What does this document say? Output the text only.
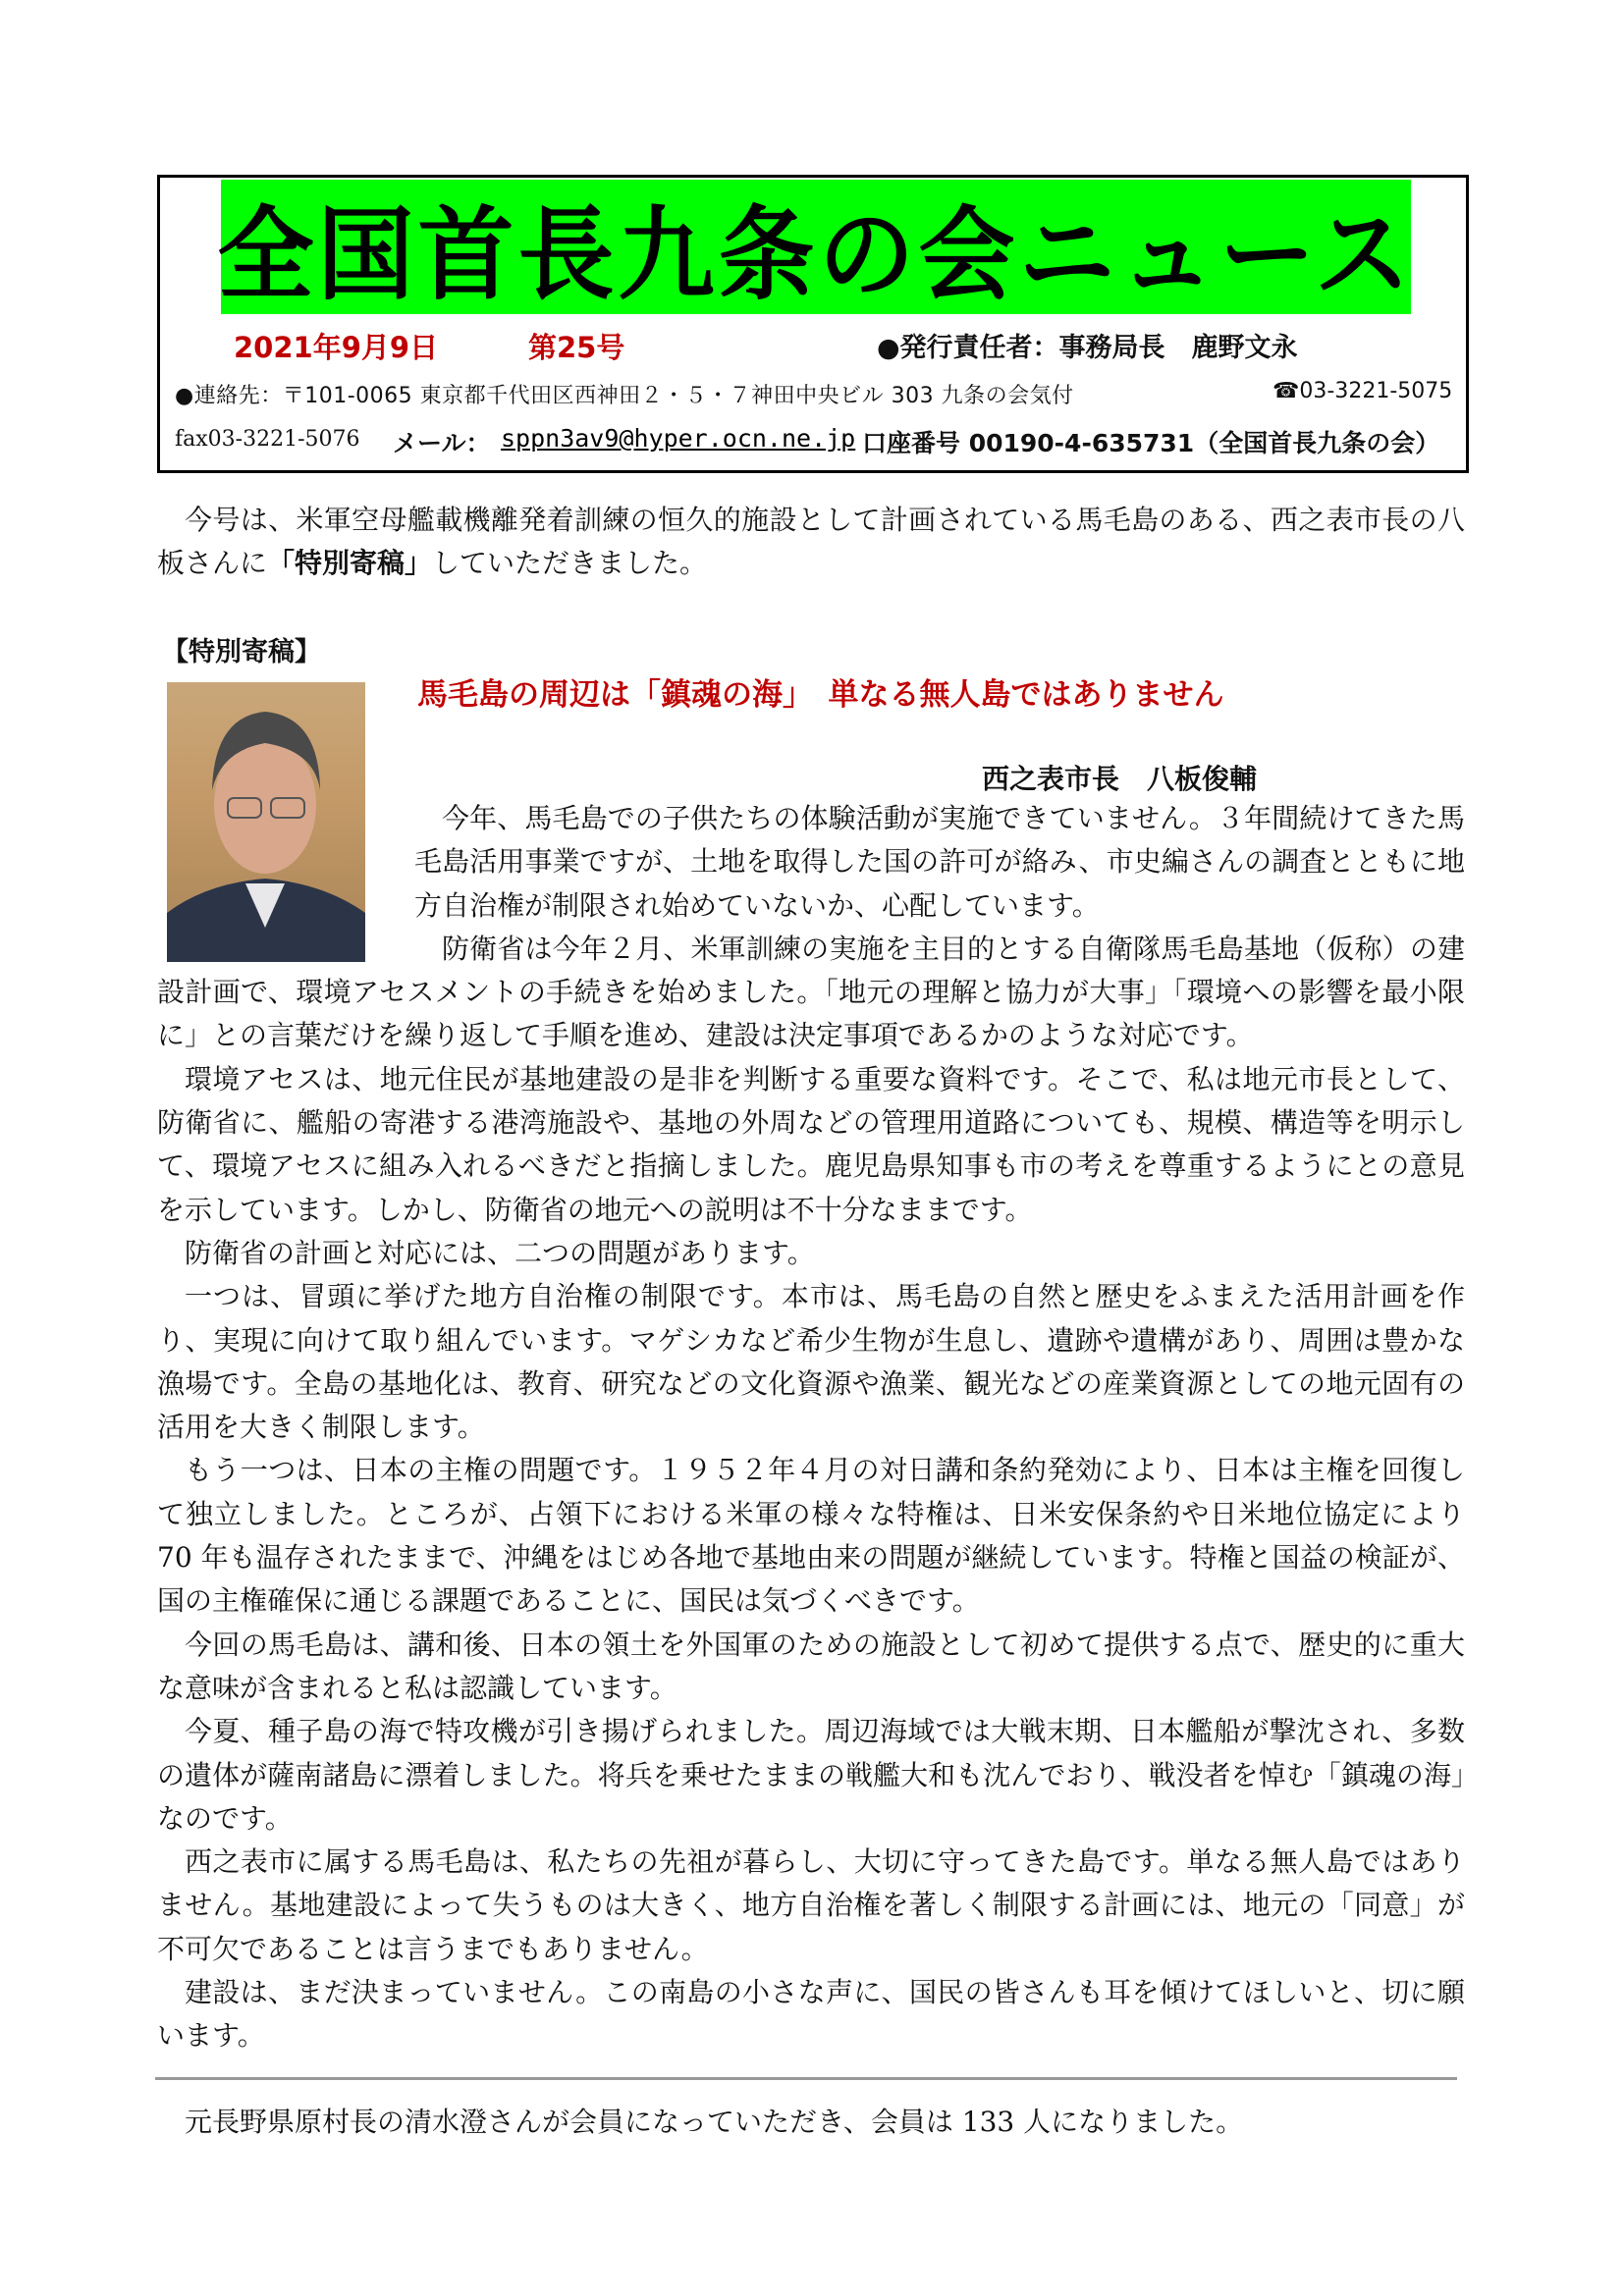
全国首長九条の会ニュース
2021年9月9日	第25号	●発行責任者：事務局長　鹿野文永
●連絡先：〒101-0065 東京都千代田区西神田２・５・７神田中央ビル 303 九条の会気付	☎03-3221-5075
fax03-3221-5076 メール： sppn3av9@hyper.ocn.ne.jp 口座番号 00190-4-635731（全国首長九条の会）

今号は、米軍空母艦載機離発着訓練の恒久的施設として計画されている馬毛島のある、西之表市長の八板さんに「特別寄稿」していただきました。

【特別寄稿】
馬毛島の周辺は「鎮魂の海」　単なる無人島ではありません
西之表市長　八板俊輔

今年、馬毛島での子供たちの体験活動が実施できていません。３年間続けてきた馬毛島活用事業ですが、土地を取得した国の許可が絡み、市史編さんの調査とともに地方自治権が制限され始めていないか、心配しています。

防衛省は今年２月、米軍訓練の実施を主目的とする自衛隊馬毛島基地（仮称）の建設計画で、環境アセスメントの手続きを始めました。「地元の理解と協力が大事」「環境への影響を最小限に」との言葉だけを繰り返して手順を進め、建設は決定事項であるかのような対応です。

環境アセスは、地元住民が基地建設の是非を判断する重要な資料です。そこで、私は地元市長として、防衛省に、艦船の寄港する港湾施設や、基地の外周などの管理用道路についても、規模、構造等を明示して、環境アセスに組み入れるべきだと指摘しました。鹿児島県知事も市の考えを尊重するようにとの意見を示しています。しかし、防衛省の地元への説明は不十分なままです。

防衛省の計画と対応には、二つの問題があります。

一つは、冒頭に挙げた地方自治権の制限です。本市は、馬毛島の自然と歴史をふまえた活用計画を作り、実現に向けて取り組んでいます。マゲシカなど希少生物が生息し、遺跡や遺構があり、周囲は豊かな漁場です。全島の基地化は、教育、研究などの文化資源や漁業、観光などの産業資源としての地元固有の活用を大きく制限します。

もう一つは、日本の主権の問題です。１９５２年４月の対日講和条約発効により、日本は主権を回復して独立しました。ところが、占領下における米軍の様々な特権は、日米安保条約や日米地位協定により 70 年も温存されたままで、沖縄をはじめ各地で基地由来の問題が継続しています。特権と国益の検証が、国の主権確保に通じる課題であることに、国民は気づくべきです。

今回の馬毛島は、講和後、日本の領土を外国軍のための施設として初めて提供する点で、歴史的に重大な意味が含まれると私は認識しています。

今夏、種子島の海で特攻機が引き揚げられました。周辺海域では大戦末期、日本艦船が撃沈され、多数の遺体が薩南諸島に漂着しました。将兵を乗せたままの戦艦大和も沈んでおり、戦没者を悼む「鎮魂の海」なのです。

西之表市に属する馬毛島は、私たちの先祖が暮らし、大切に守ってきた島です。単なる無人島ではありません。基地建設によって失うものは大きく、地方自治権を著しく制限する計画には、地元の「同意」が不可欠であることは言うまでもありません。

建設は、まだ決まっていません。この南島の小さな声に、国民の皆さんも耳を傾けてほしいと、切に願います。

元長野県原村長の清水澄さんが会員になっていただき、会員は 133 人になりました。
